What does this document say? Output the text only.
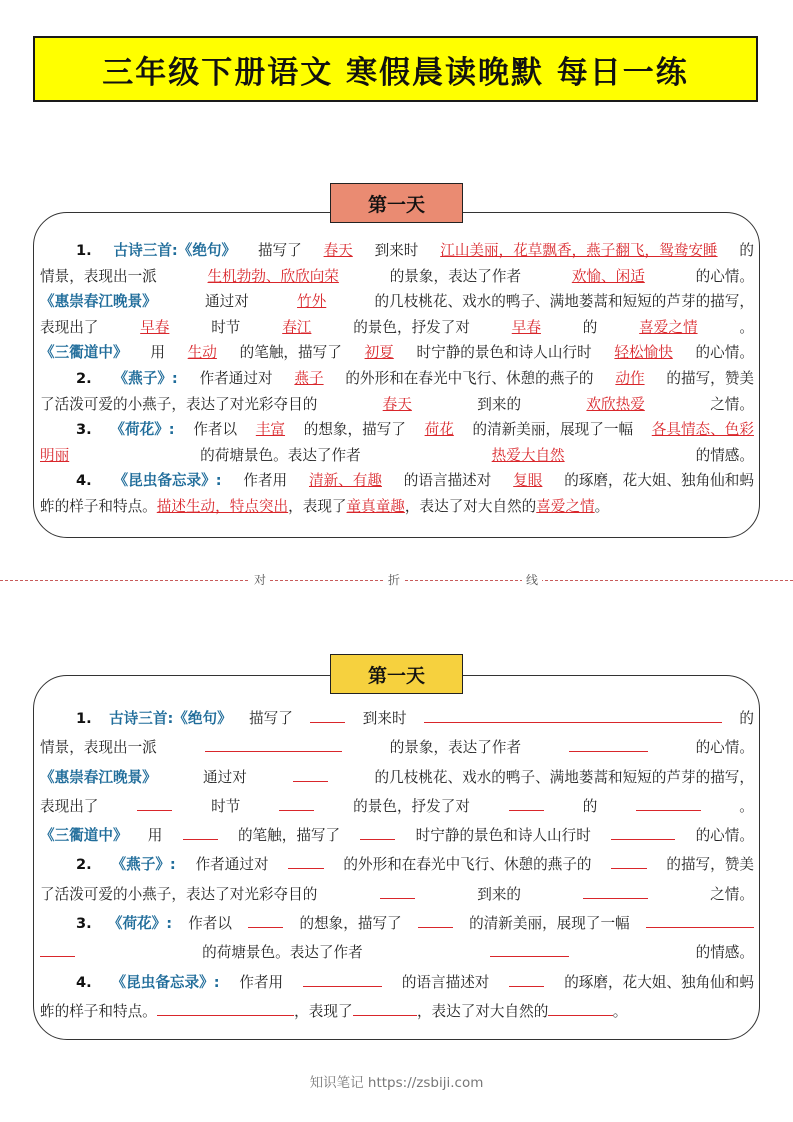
三年级下册语文 寒假晨读晚默 每日一练
第一天
1. 古诗三首:《绝句》 描写了 春天 到来时 江山美丽，花草飘香，燕子翻飞，鸳鸯安睡 的
情景，表现出一派	生机勃勃、欣欣向荣	的景象，表达了作者	欢愉、闲适	的心情。
《惠崇春江晚景》	通过对	竹外	的几枝桃花、戏水的鸭子、满地蒌蒿和短短的芦芽的描写，
表现出了	早春	时节	春江	的景色，抒发了对	早春	的	喜爱之情	。
《三衢道中》 用 生动 的笔触，描写了 初夏 时宁静的景色和诗人山行时 轻松愉快 的心情。
2. 《燕子》: 作者通过对 燕子 的外形和在春光中飞行、休憩的燕子的 动作 的描写，赞美
了活泼可爱的小燕子，表达了对光彩夺目的	春天	到来的	欢欣热爱	之情。
3. 《荷花》: 作者以 丰富 的想象，描写了 荷花 的清新美丽，展现了一幅 各具情态、色彩
明丽	的荷塘景色。表达了作者	热爱大自然	的情感。
4. 《昆虫备忘录》: 作者用 清新、有趣 的语言描述对 复眼 的琢磨，花大姐、独角仙和蚂
蚱的样子和特点。 描述生动，特点突出 ，表现了 童真童趣 ，表达了对大自然的 喜爱之情 。
对	折	线
第一天
1. 古诗三首:《绝句》 描写了	到来时	的
情景，表现出一派	的景象，表达了作者	的心情。
《惠崇春江晚景》	通过对	的几枝桃花、戏水的鸭子、满地蒌蒿和短短的芦芽的描写，
表现出了	时节	的景色，抒发了对	的	。
《三衢道中》 用	的笔触，描写了	时宁静的景色和诗人山行时	的心情。
2. 《燕子》: 作者通过对	的外形和在春光中飞行、休憩的燕子的	的描写，赞美
了活泼可爱的小燕子，表达了对光彩夺目的	到来的	之情。
3. 《荷花》: 作者以	的想象，描写了	的清新美丽，展现了一幅
的荷塘景色。表达了作者	的情感。
4. 《昆虫备忘录》: 作者用	的语言描述对	的琢磨，花大姐、独角仙和蚂
蚱的样子和特点。	，表现了	，表达了对大自然的	。
知识笔记 https://zsbiji.com
